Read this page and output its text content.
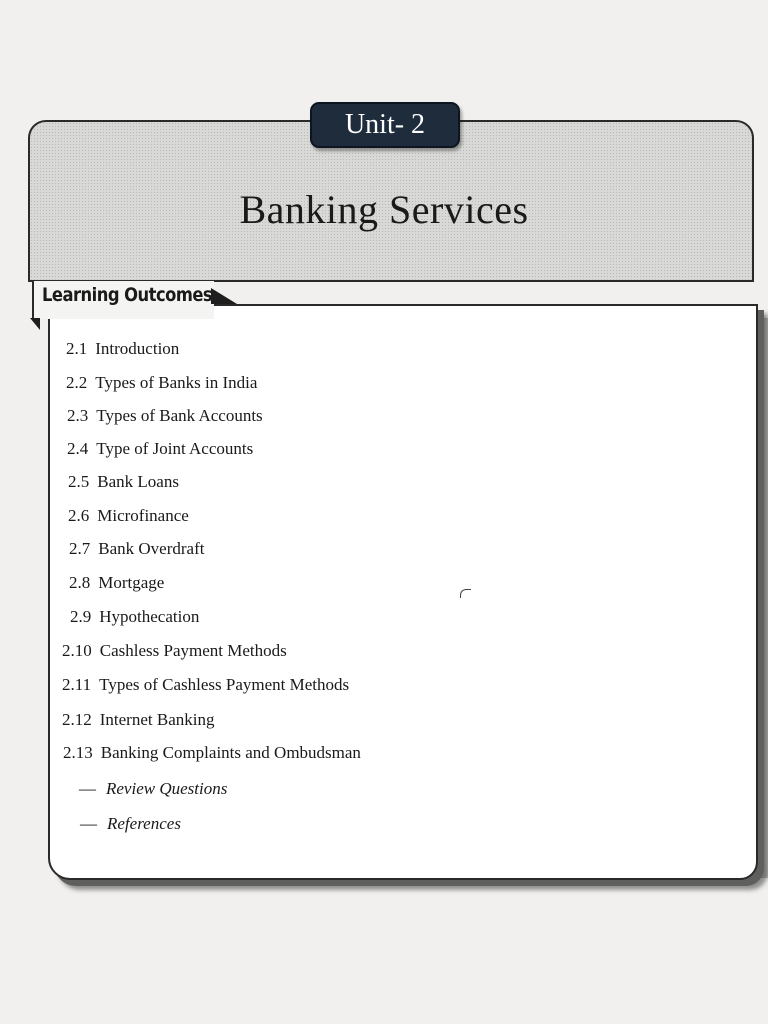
Unit- 2
Banking Services
Learning Outcomes
2.1 Introduction
2.2 Types of Banks in India
2.3 Types of Bank Accounts
2.4 Type of Joint Accounts
2.5 Bank Loans
2.6 Microfinance
2.7 Bank Overdraft
2.8 Mortgage
2.9 Hypothecation
2.10 Cashless Payment Methods
2.11 Types of Cashless Payment Methods
2.12 Internet Banking
2.13 Banking Complaints and Ombudsman
— Review Questions
— References
